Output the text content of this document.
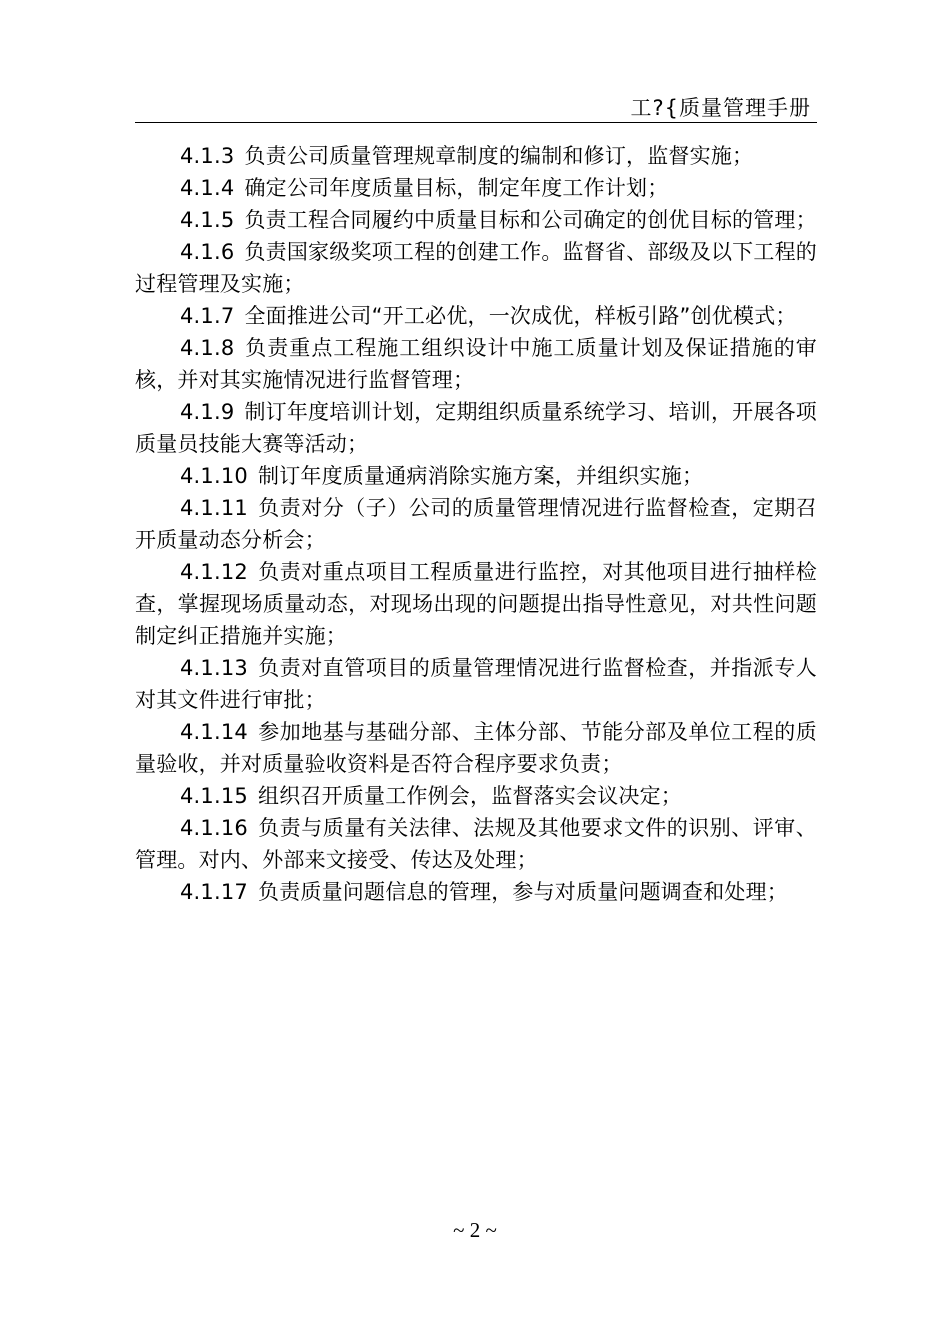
工?{质量管理手册

4.1.3 负责公司质量管理规章制度的编制和修订，监督实施；

4.1.4 确定公司年度质量目标，制定年度工作计划；

4.1.5 负责工程合同履约中质量目标和公司确定的创优目标的管理；

4.1.6 负责国家级奖项工程的创建工作。监督省、部级及以下工程的过程管理及实施；

4.1.7 全面推进公司“开工必优，一次成优，样板引路”创优模式；

4.1.8 负责重点工程施工组织设计中施工质量计划及保证措施的审核，并对其实施情况进行监督管理；

4.1.9 制订年度培训计划，定期组织质量系统学习、培训，开展各项质量员技能大赛等活动；

4.1.10 制订年度质量通病消除实施方案，并组织实施；

4.1.11 负责对分（子）公司的质量管理情况进行监督检查，定期召开质量动态分析会；

4.1.12 负责对重点项目工程质量进行监控，对其他项目进行抽样检查，掌握现场质量动态，对现场出现的问题提出指导性意见，对共性问题制定纠正措施并实施；

4.1.13 负责对直管项目的质量管理情况进行监督检查，并指派专人对其文件进行审批；

4.1.14 参加地基与基础分部、主体分部、节能分部及单位工程的质量验收，并对质量验收资料是否符合程序要求负责；

4.1.15 组织召开质量工作例会，监督落实会议决定；

4.1.16 负责与质量有关法律、法规及其他要求文件的识别、评审、管理。对内、外部来文接受、传达及处理；

4.1.17 负责质量问题信息的管理，参与对质量问题调查和处理；

~ 2 ~
